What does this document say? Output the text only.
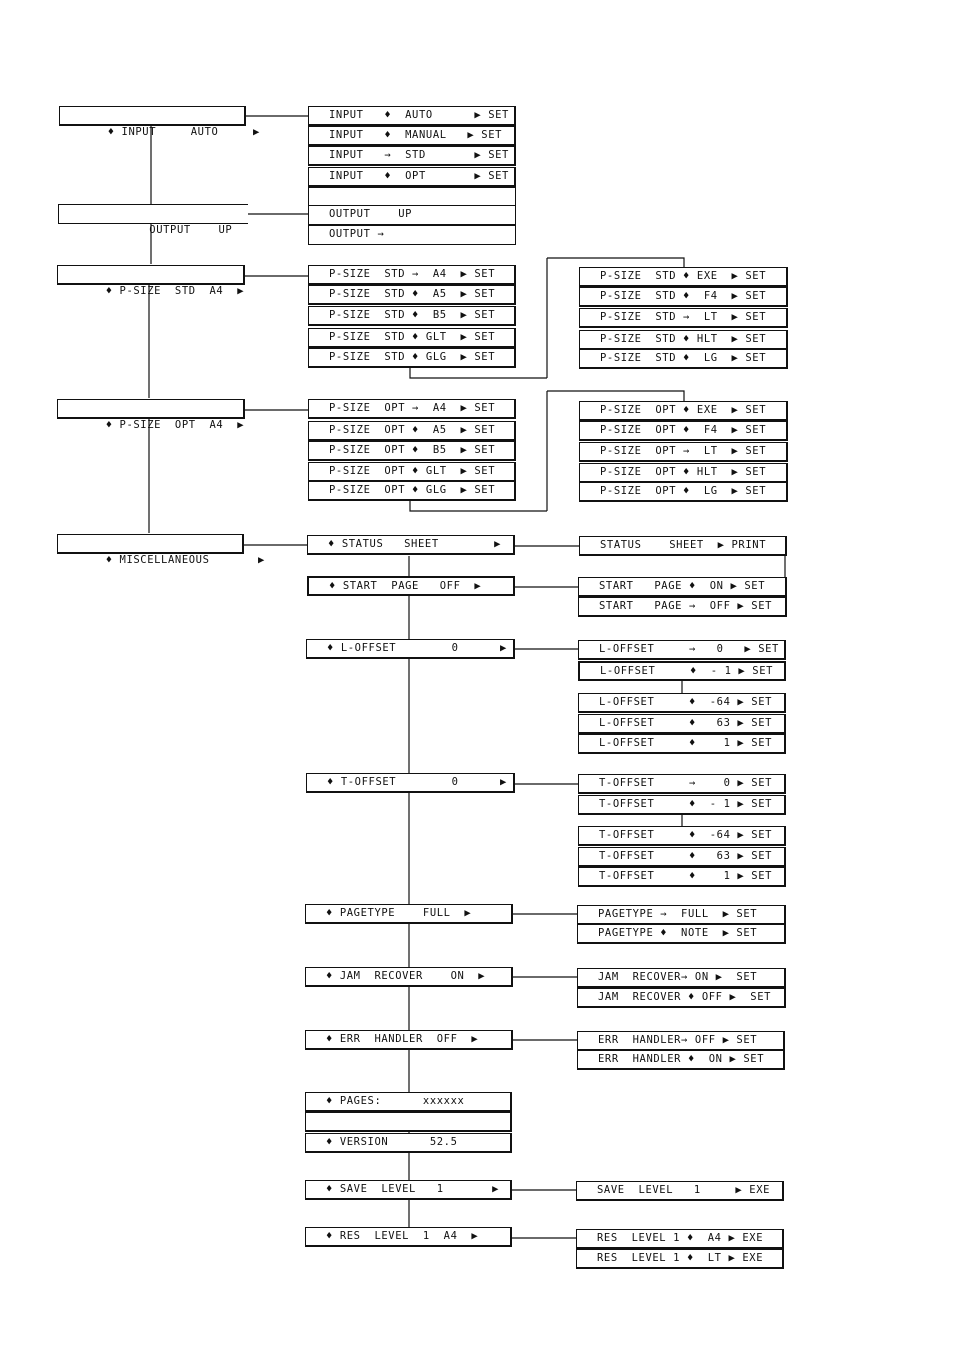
♦ INPUT     AUTO     ▶

OUTPUT    UP

♦ P-SIZE  STD  A4  ▶

♦ P-SIZE  OPT  A4  ▶

♦ MISCELLANEOUS       ▶

INPUT   ♦  AUTO      ▶ SET
INPUT   ♦  MANUAL   ▶ SET
INPUT   →  STD       ▶ SET
INPUT   ♦  OPT       ▶ SET
OUTPUT    UP
OUTPUT →
P-SIZE  STD →  A4  ▶ SET
P-SIZE  STD ♦  A5  ▶ SET
P-SIZE  STD ♦  B5  ▶ SET
P-SIZE  STD ♦ GLT  ▶ SET
P-SIZE  STD ♦ GLG  ▶ SET
P-SIZE  STD ♦ EXE  ▶ SET
P-SIZE  STD ♦  F4  ▶ SET
P-SIZE  STD →  LT  ▶ SET
P-SIZE  STD ♦ HLT  ▶ SET
P-SIZE  STD ♦  LG  ▶ SET
P-SIZE  OPT →  A4  ▶ SET
P-SIZE  OPT ♦  A5  ▶ SET
P-SIZE  OPT ♦  B5  ▶ SET
P-SIZE  OPT ♦ GLT  ▶ SET
P-SIZE  OPT ♦ GLG  ▶ SET
P-SIZE  OPT ♦ EXE  ▶ SET
P-SIZE  OPT ♦  F4  ▶ SET
P-SIZE  OPT →  LT  ▶ SET
P-SIZE  OPT ♦ HLT  ▶ SET
P-SIZE  OPT ♦  LG  ▶ SET
♦ STATUS   SHEET        ▶
♦ START  PAGE   OFF  ▶
♦ L-OFFSET        0      ▶
♦ T-OFFSET        0      ▶
♦ PAGETYPE    FULL  ▶
♦ JAM  RECOVER    ON  ▶
♦ ERR  HANDLER  OFF  ▶
♦ PAGES:      xxxxxx
♦ VERSION      52.5
♦ SAVE  LEVEL   1       ▶
♦ RES  LEVEL  1  A4  ▶
STATUS    SHEET  ▶ PRINT
START   PAGE ♦  ON ▶ SET
START   PAGE →  OFF ▶ SET
L-OFFSET     →   0   ▶ SET
L-OFFSET     ♦  - 1 ▶ SET
L-OFFSET     ♦  -64 ▶ SET
L-OFFSET     ♦   63 ▶ SET
L-OFFSET     ♦    1 ▶ SET
T-OFFSET     →    0 ▶ SET
T-OFFSET     ♦  - 1 ▶ SET
T-OFFSET     ♦  -64 ▶ SET
T-OFFSET     ♦   63 ▶ SET
T-OFFSET     ♦    1 ▶ SET
PAGETYPE →  FULL  ▶ SET
PAGETYPE ♦  NOTE  ▶ SET
JAM  RECOVER→ ON ▶  SET
JAM  RECOVER ♦ OFF ▶  SET
ERR  HANDLER→ OFF ▶ SET
ERR  HANDLER ♦  ON ▶ SET
SAVE  LEVEL   1     ▶ EXE
RES  LEVEL 1 ♦  A4 ▶ EXE
RES  LEVEL 1 ♦  LT ▶ EXE
